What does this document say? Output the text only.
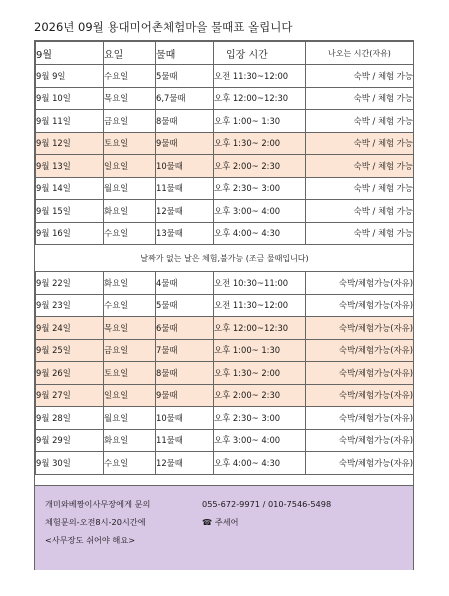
2026년 09월 용대미어촌체험마을 물때표 올립니다
9월	요일	물때	입장 시간	나오는 시간(자유)
9월 9일	수요일	5물때	오전 11:30~12:00	숙박 / 체험 가능
9월 10일	목요일	6,7물때	오후 12:00~12:30	숙박 / 체험 가능
9월 11일	금요일	8물때	오후 1:00~ 1:30	숙박 / 체험 가능
9월 12일	토요일	9물때	오후 1:30~ 2:00	숙박 / 체험 가능
9월 13일	일요일	10물때	오후 2:00~ 2:30	숙박 / 체험 가능
9월 14일	월요일	11물때	오후 2:30~ 3:00	숙박 / 체험 가능
9월 15일	화요일	12물때	오후 3:00~ 4:00	숙박 / 체험 가능
9월 16일	수요일	13물때	오후 4:00~ 4:30	숙박 / 체험 가능
날짜가 없는 날은 체험,불가능 (조금 물때입니다)				
9월 22일	화요일	4물때	오전 10:30~11:00	숙박/체험가능(자유)
9월 23일	수요일	5물때	오전 11:30~12:00	숙박/체험가능(자유)
9월 24일	목요일	6물때	오후 12:00~12:30	숙박/체험가능(자유)
9월 25일	금요일	7물때	오후 1:00~ 1:30	숙박/체험가능(자유)
9월 26일	토요일	8물때	오후 1:30~ 2:00	숙박/체험가능(자유)
9월 27일	일요일	9물때	오후 2:00~ 2:30	숙박/체험가능(자유)
9월 28일	월요일	10물때	오후 2:30~ 3:00	숙박/체험가능(자유)
9월 29일	화요일	11물때	오후 3:00~ 4:00	숙박/체험가능(자유)
9월 30일	수요일	12물때	오후 4:00~ 4:30	숙박/체험가능(자유)
개미와베짱이사무장에게 문의	055-672-9971 / 010-7546-5498
체험문의-오전8시-20시간에	☎ 주세어
<사무장도 쉬어야 해요>
